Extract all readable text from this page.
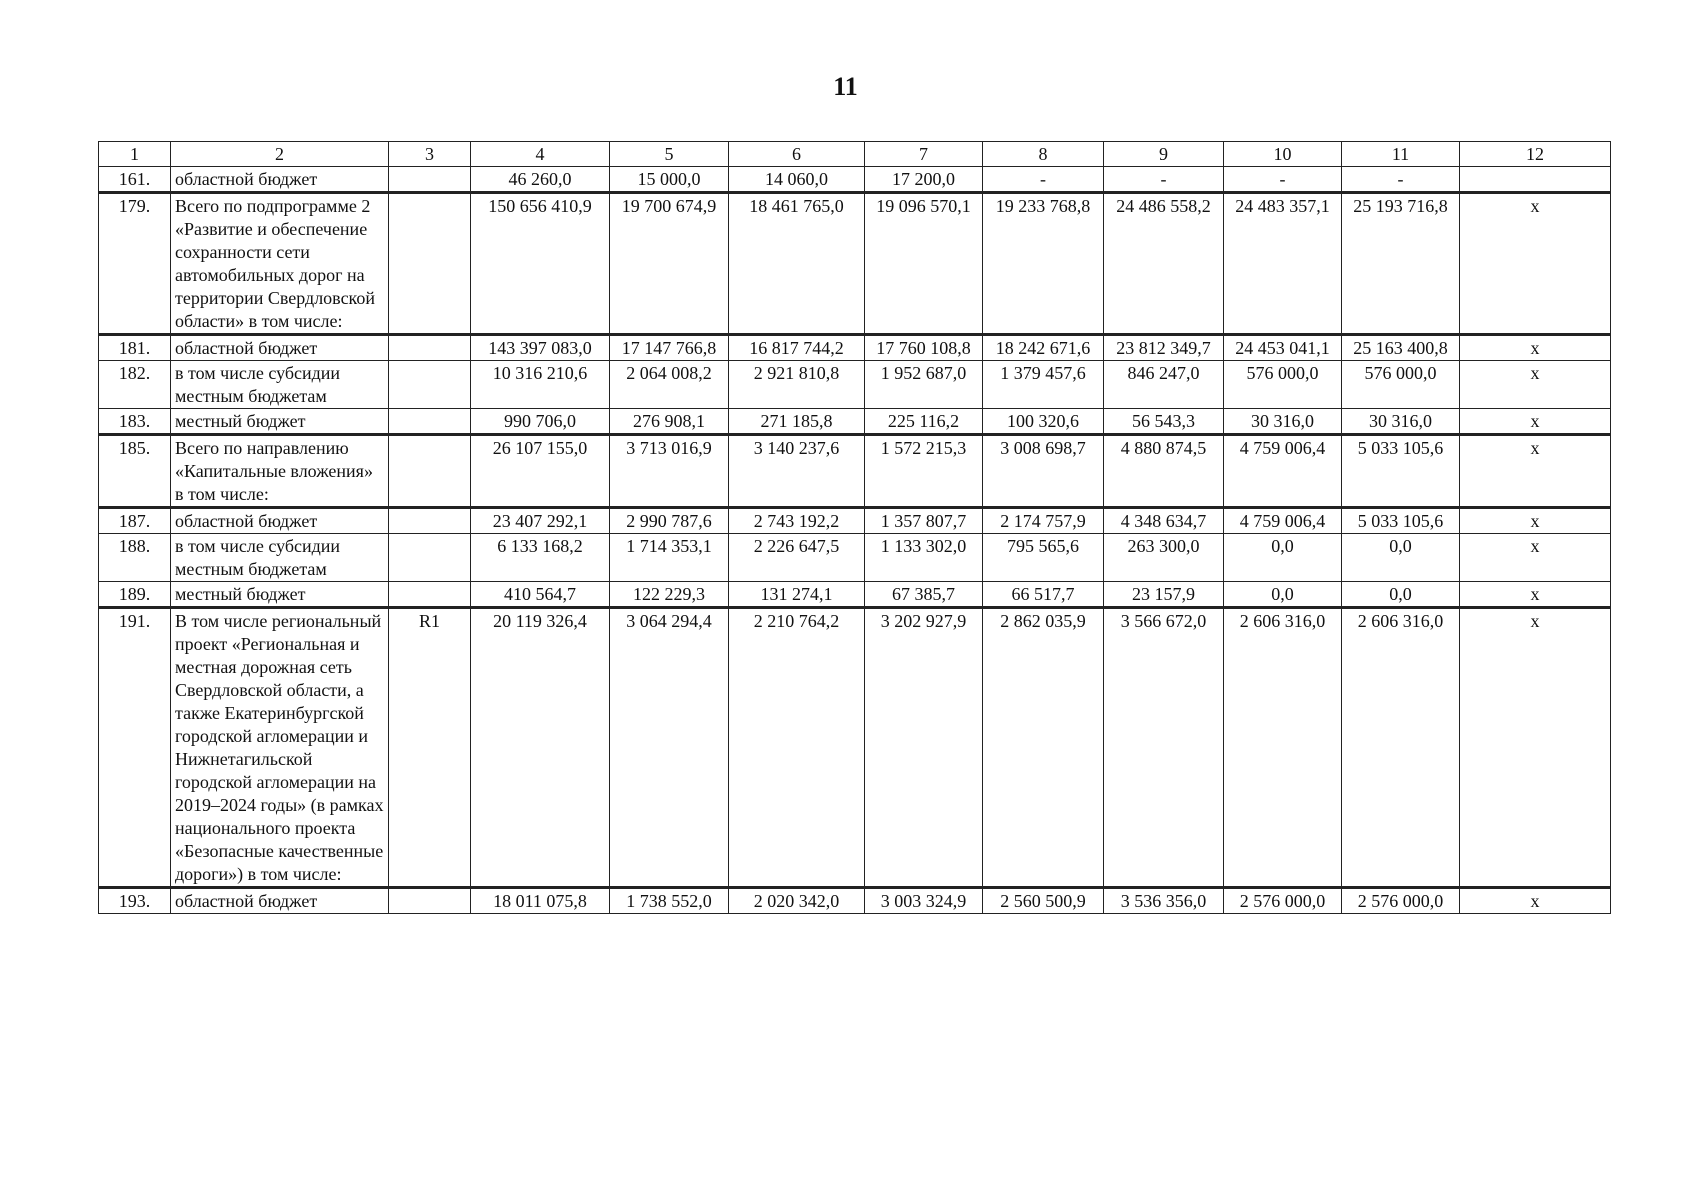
11
1	2	3	4	5	6	7	8	9	10	11	12
161.	областной бюджет		46 260,0	15 000,0	14 060,0	17 200,0	-	-	-	-	
179.	Всего по подпрограмме 2 «Развитие и обеспечение сохранности сети автомобильных дорог на территории Свердловской области» в том числе:		150 656 410,9	19 700 674,9	18 461 765,0	19 096 570,1	19 233 768,8	24 486 558,2	24 483 357,1	25 193 716,8	x
181.	областной бюджет		143 397 083,0	17 147 766,8	16 817 744,2	17 760 108,8	18 242 671,6	23 812 349,7	24 453 041,1	25 163 400,8	x
182.	в том числе субсидии местным бюджетам		10 316 210,6	2 064 008,2	2 921 810,8	1 952 687,0	1 379 457,6	846 247,0	576 000,0	576 000,0	x
183.	местный бюджет		990 706,0	276 908,1	271 185,8	225 116,2	100 320,6	56 543,3	30 316,0	30 316,0	x
185.	Всего по направлению «Капитальные вложения» в том числе:		26 107 155,0	3 713 016,9	3 140 237,6	1 572 215,3	3 008 698,7	4 880 874,5	4 759 006,4	5 033 105,6	x
187.	областной бюджет		23 407 292,1	2 990 787,6	2 743 192,2	1 357 807,7	2 174 757,9	4 348 634,7	4 759 006,4	5 033 105,6	x
188.	в том числе субсидии местным бюджетам		6 133 168,2	1 714 353,1	2 226 647,5	1 133 302,0	795 565,6	263 300,0	0,0	0,0	x
189.	местный бюджет		410 564,7	122 229,3	131 274,1	67 385,7	66 517,7	23 157,9	0,0	0,0	x
191.	В том числе региональный проект «Региональная и местная дорожная сеть Свердловской области, а также Екатеринбургской городской агломерации и Нижнетагильской городской агломерации на 2019–2024 годы» (в рамках национального проекта «Безопасные качественные дороги») в том числе:	R1	20 119 326,4	3 064 294,4	2 210 764,2	3 202 927,9	2 862 035,9	3 566 672,0	2 606 316,0	2 606 316,0	x
193.	областной бюджет		18 011 075,8	1 738 552,0	2 020 342,0	3 003 324,9	2 560 500,9	3 536 356,0	2 576 000,0	2 576 000,0	x
